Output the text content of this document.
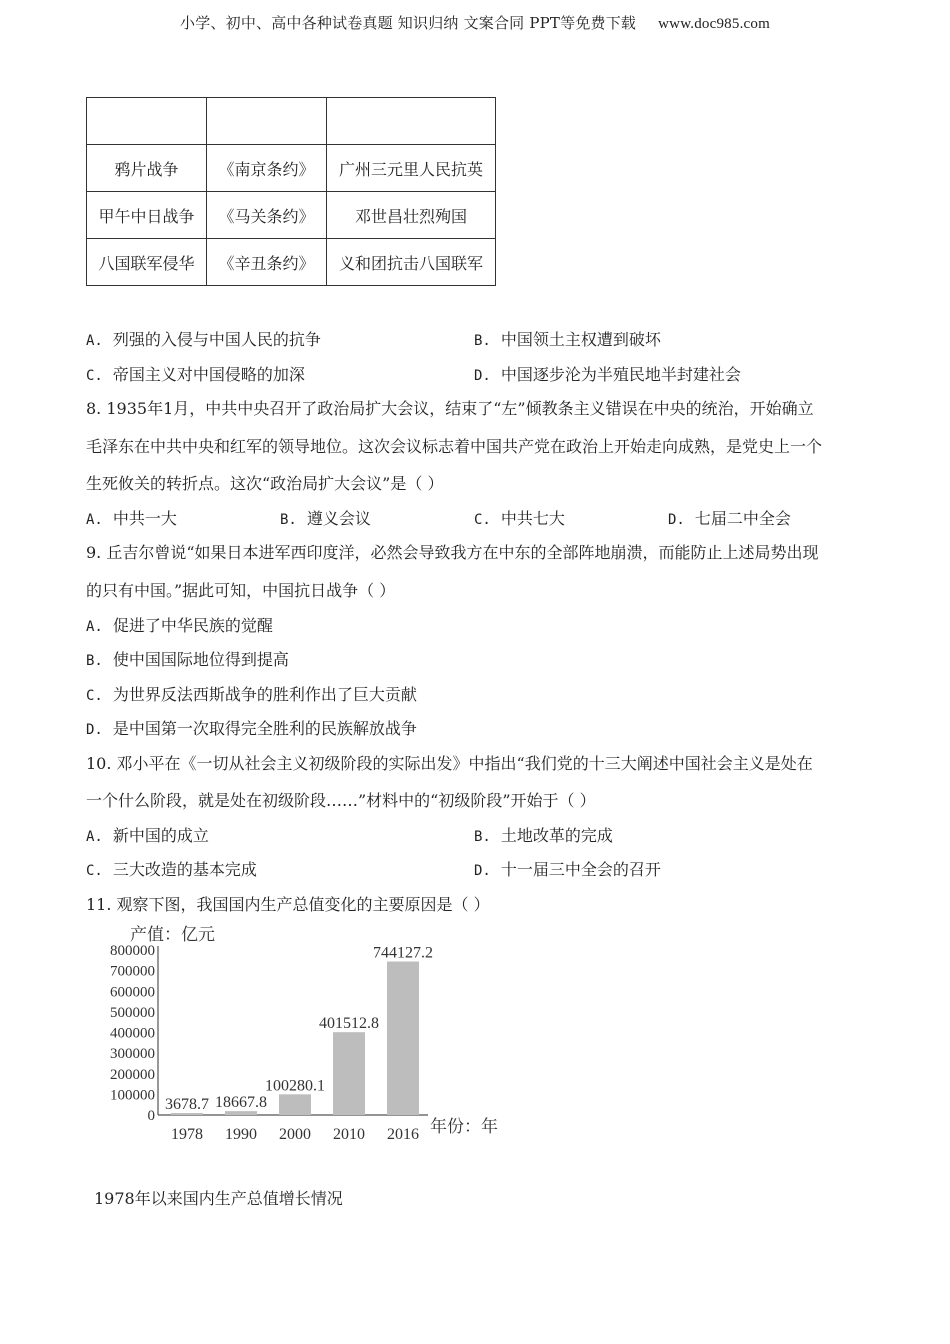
小学、初中、高中各种试卷真题 知识归纳 文案合同 PPT等免费下载 www.doc985.com

鸦片战争	《南京条约》	广州三元里人民抗英
甲午中日战争	《马关条约》	邓世昌壮烈殉国
八国联军侵华	《辛丑条约》	义和团抗击八国联军
A. 列强的入侵与中国人民的抗争	B. 中国领土主权遭到破坏
C. 帝国主义对中国侵略的加深	D. 中国逐步沦为半殖民地半封建社会
8. 1935年1月，中共中央召开了政治局扩大会议，结束了“左”倾教条主义错误在中央的统治，开始确立
毛泽东在中共中央和红军的领导地位。这次会议标志着中国共产党在政治上开始走向成熟，是党史上一个
生死攸关的转折点。这次“政治局扩大会议”是（ ）
A. 中共一大	B. 遵义会议	C. 中共七大	D. 七届二中全会
9. 丘吉尔曾说“如果日本进军西印度洋，必然会导致我方在中东的全部阵地崩溃，而能防止上述局势出现
的只有中国。”据此可知，中国抗日战争（ ）
A. 促进了中华民族的觉醒
B. 使中国国际地位得到提高
C. 为世界反法西斯战争的胜利作出了巨大贡献
D. 是中国第一次取得完全胜利的民族解放战争
10. 邓小平在《一切从社会主义初级阶段的实际出发》中指出“我们党的十三大阐述中国社会主义是处在
一个什么阶段，就是处在初级阶段……”材料中的“初级阶段”开始于（ ）
A. 新中国的成立	B. 土地改革的完成
C. 三大改造的基本完成	D. 十一届三中全会的召开
11. 观察下图，我国国内生产总值变化的主要原因是（ ）
产值：亿元
0
100000
200000
300000
400000
500000
600000
700000
800000
3678.7 18667.8
100280.1
401512.8
744127.2
1978 1990 2000 2010 2016 年份：年
1978年以来国内生产总值增长情况
